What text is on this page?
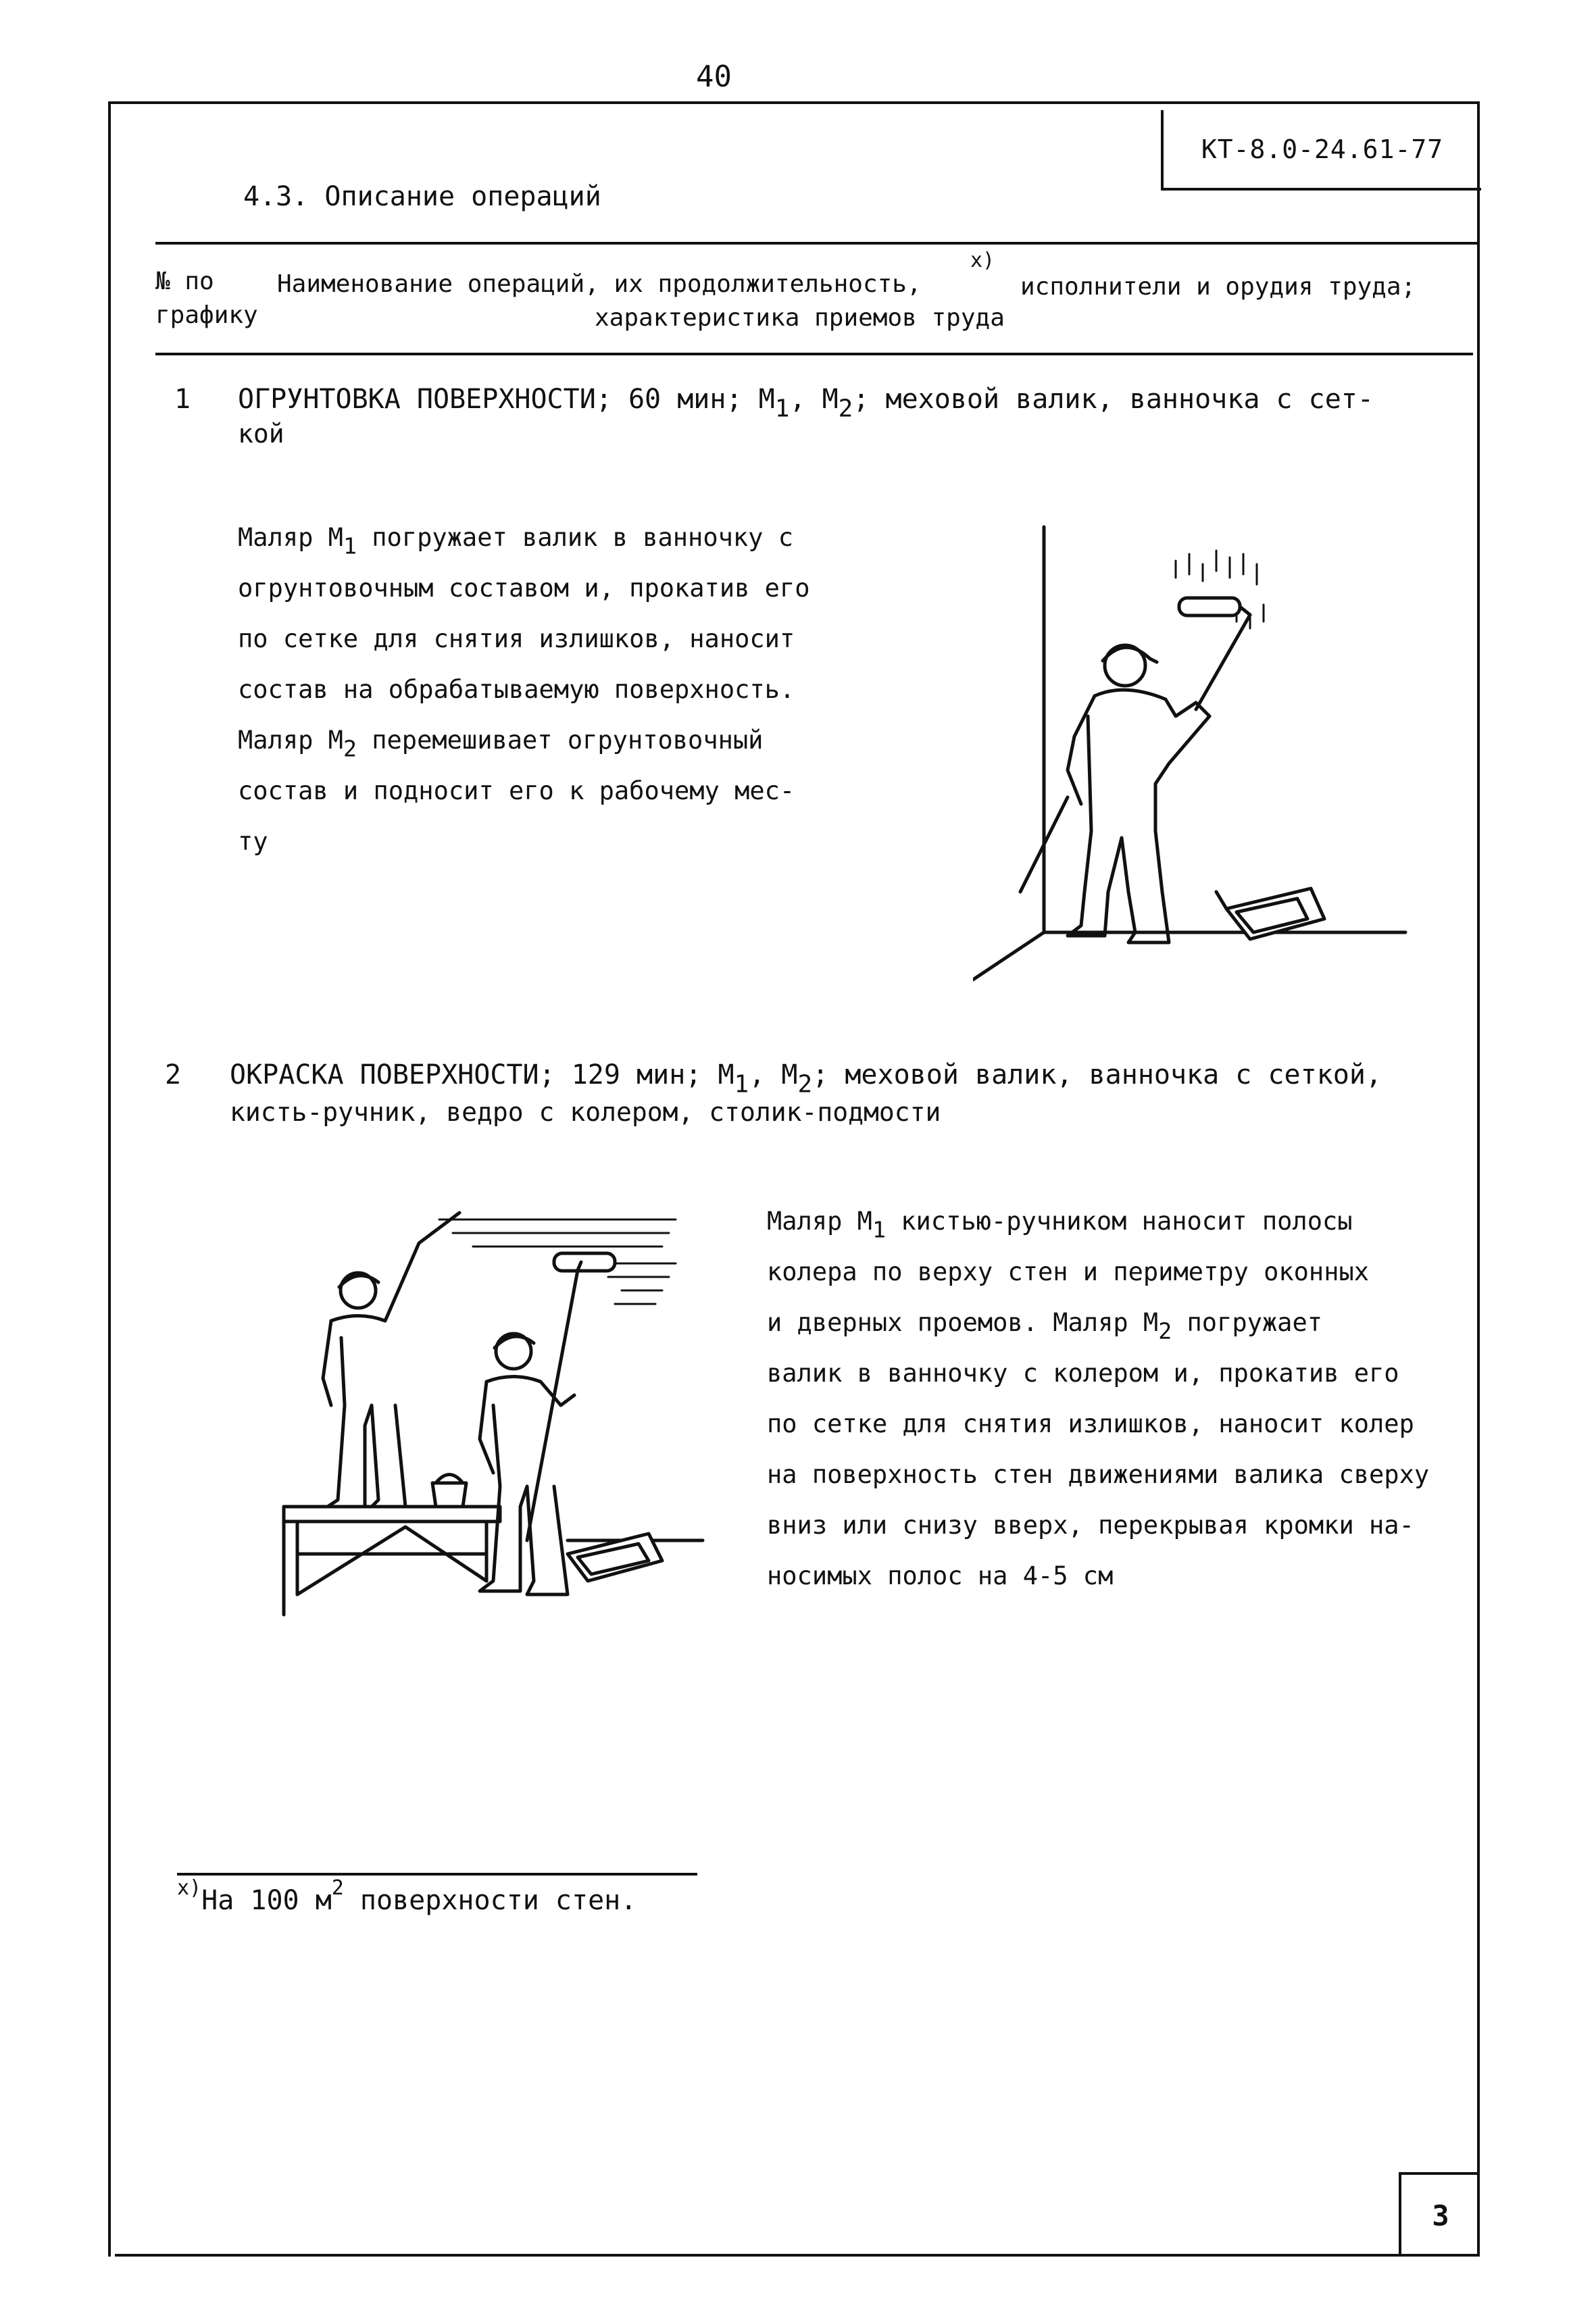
40
КТ-8.0-24.61-77
4.3. Описание операций
№ по
графику
Наименование операций, их продолжительность,
х)
исполнители и орудия труда;
характеристика приемов труда
1 ОГРУНТОВКА ПОВЕРХНОСТИ; 60 мин; $М_1$, $М_2$; меховой валик, ванночка с сет-
кой
Маляр $М_1$ погружает валик в ванночку с
огрунтовочным составом и, прокатив его
по сетке для снятия излишков, наносит
состав на обрабатываемую поверхность.
Маляр $М_2$ перемешивает огрунтовочный
состав и подносит его к рабочему мес-
ту
2 ОКРАСКА ПОВЕРХНОСТИ; 129 мин; $М_1$, $М_2$; меховой валик, ванночка с сеткой,
кисть-ручник, ведро с колером, столик-подмости
Маляр $М_1$ кистью-ручником наносит полосы
колера по верху стен и периметру оконных
и дверных проемов. Маляр $М_2$ погружает
валик в ванночку с колером и, прокатив его
по сетке для снятия излишков, наносит колер
на поверхность стен движениями валика сверху
вниз или снизу вверх, перекрывая кромки на-
носимых полос на 4-5 см
$^{х)}$На 100 $м^2$ поверхности стен.
3
